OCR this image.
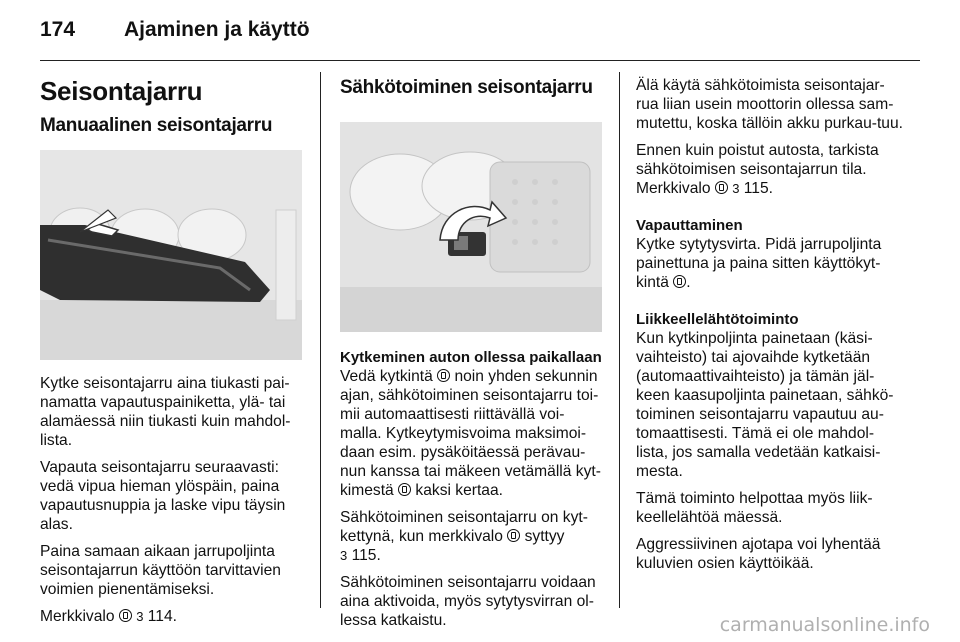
174 Ajaminen ja käyttö
Seisontajarru
Manuaalinen seisontajarru

Kytke seisontajarru aina tiukasti pai-namatta vapautuspainiketta, ylä- tai alamäessä niin tiukasti kuin mahdol-lista.

Vapauta seisontajarru seuraavasti: vedä vipua hieman ylöspäin, paina vapautusnuppia ja laske vipu täysin alas.

Paina samaan aikaan jarrupoljinta seisontajarrun käyttöön tarvittavien voimien pienentämiseksi.

Merkkivalo 3 114.

Sähkötoiminen seisontajarru
Kytkeminen auton ollessa paikallaan

Vedä kytkintä noin yhden sekunnin ajan, sähkötoiminen seisontajarru toi-mii automaattisesti riittävällä voi-malla. Kytkeytymisvoima maksimoi-daan esim. pysäköitäessä perävau-nun kanssa tai mäkeen vetämällä kyt-kimestä kaksi kertaa.

Sähkötoiminen seisontajarru on kyt-kettynä, kun merkkivalo syttyy
3 115.

Sähkötoiminen seisontajarru voidaan aina aktivoida, myös sytytysvirran ol-lessa katkaistu.

Älä käytä sähkötoimista seisontajar-rua liian usein moottorin ollessa sam-mutettu, koska tällöin akku purkau-tuu.

Ennen kuin poistut autosta, tarkista sähkötoimisen seisontajarrun tila. Merkkivalo 3 115.

Vapauttaminen

Kytke sytytysvirta. Pidä jarrupoljinta painettuna ja paina sitten käyttökyt-kintä .

Liikkeellelähtötoiminto

Kun kytkinpoljinta painetaan (käsi-vaihteisto) tai ajovaihde kytketään (automaattivaihteisto) ja tämän jäl-keen kaasupoljinta painetaan, sähkö-toiminen seisontajarru vapautuu au-tomaattisesti. Tämä ei ole mahdol-lista, jos samalla vedetään katkaisi-mesta.

Tämä toiminto helpottaa myös liik-keellelähtöä mäessä.

Aggressiivinen ajotapa voi lyhentää kuluvien osien käyttöikää.

carmanualsonline.info
